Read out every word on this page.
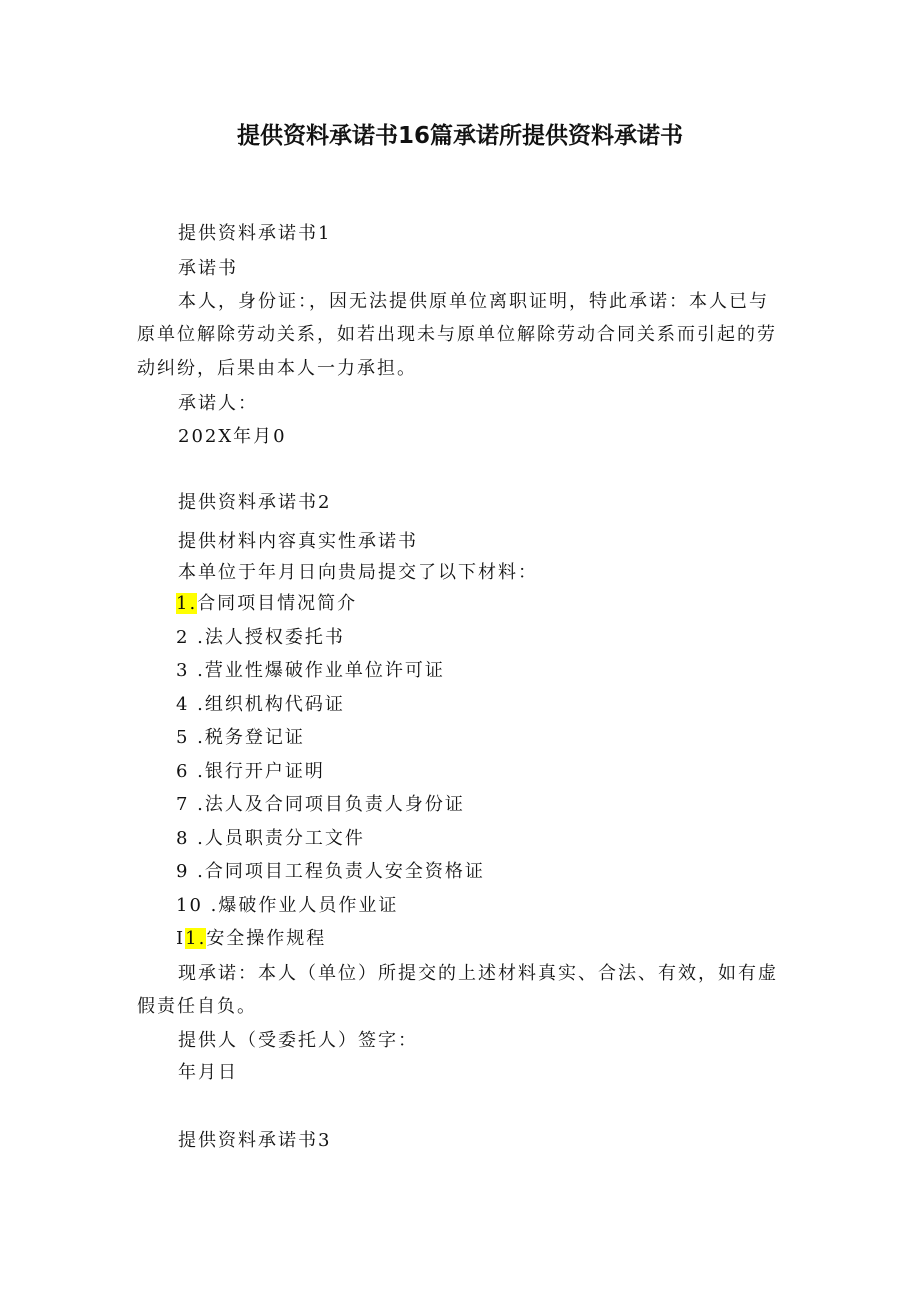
提供资料承诺书16篇承诺所提供资料承诺书
提供资料承诺书1
承诺书
本人，身份证：，因无法提供原单位离职证明，特此承诺：本人已与
原单位解除劳动关系，如若出现未与原单位解除劳动合同关系而引起的劳
动纠纷，后果由本人一力承担。
承诺人：
202X年月0
提供资料承诺书2
提供材料内容真实性承诺书
本单位于年月日向贵局提交了以下材料：
1.合同项目情况简介
2 .法人授权委托书
3 .营业性爆破作业单位许可证
4 .组织机构代码证
5 .税务登记证
6 .银行开户证明
7 .法人及合同项目负责人身份证
8 .人员职责分工文件
9 .合同项目工程负责人安全资格证
10 .爆破作业人员作业证
I1.安全操作规程
现承诺：本人（单位）所提交的上述材料真实、合法、有效，如有虚
假责任自负。
提供人（受委托人）签字：
年月日
提供资料承诺书3
